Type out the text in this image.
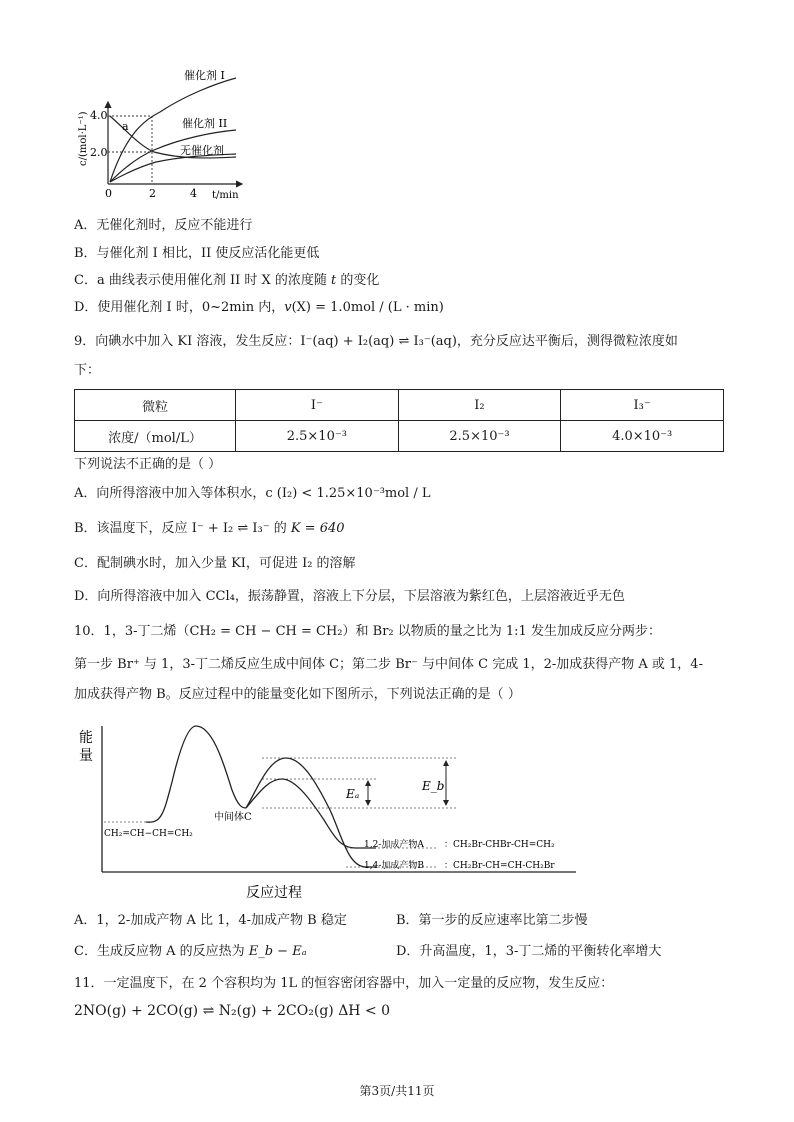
4.0
2.0
0	2	4 t/min
c/(mol·L⁻¹)	a
催化剂 I
催化剂 II
无催化剂
A．无催化剂时，反应不能进行
B．与催化剂 I 相比，II 使反应活化能更低
C．a 曲线表示使用催化剂 II 时 X 的浓度随 t 的变化
D．使用催化剂 I 时，0~2min 内，v(X) = 1.0mol / (L · min)
9．向碘水中加入 KI 溶液，发生反应：I⁻(aq) + I₂(aq) ⇌ I₃⁻(aq)，充分反应达平衡后，测得微粒浓度如
下：
微粒	I⁻	I₂	I₃⁻
浓度/（mol/L）	2.5×10⁻³	2.5×10⁻³	4.0×10⁻³
下列说法不正确的是（ ）
A．向所得溶液中加入等体积水，c (I₂) < 1.25×10⁻³mol / L
B．该温度下，反应 I⁻ + I₂ ⇌ I₃⁻ 的 K = 640
C．配制碘水时，加入少量 KI，可促进 I₂ 的溶解
D．向所得溶液中加入 CCl₄，振荡静置，溶液上下分层，下层溶液为紫红色，上层溶液近乎无色
10．1，3-丁二烯（CH₂ = CH − CH = CH₂）和 Br₂ 以物质的量之比为 1:1 发生加成反应分两步：
第一步 Br⁺ 与 1，3-丁二烯反应生成中间体 C；第二步 Br⁻ 与中间体 C 完成 1，2-加成获得产物 A 或 1，4-
加成获得产物 B。反应过程中的能量变化如下图所示，下列说法正确的是（ ）
能
量
反应过程
Eₐ
E_b
CH₂=CH−CH=CH₂
中间体C
1,2-加成产物A ：CH₂Br-CHBr-CH=CH₂
1,4-加成产物B ：CH₂Br-CH=CH-CH₂Br
A．1，2-加成产物 A 比 1，4-加成产物 B 稳定	B．第一步的反应速率比第二步慢
C．生成反应物 A 的反应热为 E_b − Eₐ	D．升高温度，1，3-丁二烯的平衡转化率增大
11．一定温度下，在 2 个容积均为 1L 的恒容密闭容器中，加入一定量的反应物，发生反应：
2NO(g) + 2CO(g) ⇌ N₂(g) + 2CO₂(g) ΔH < 0
第3页/共11页
